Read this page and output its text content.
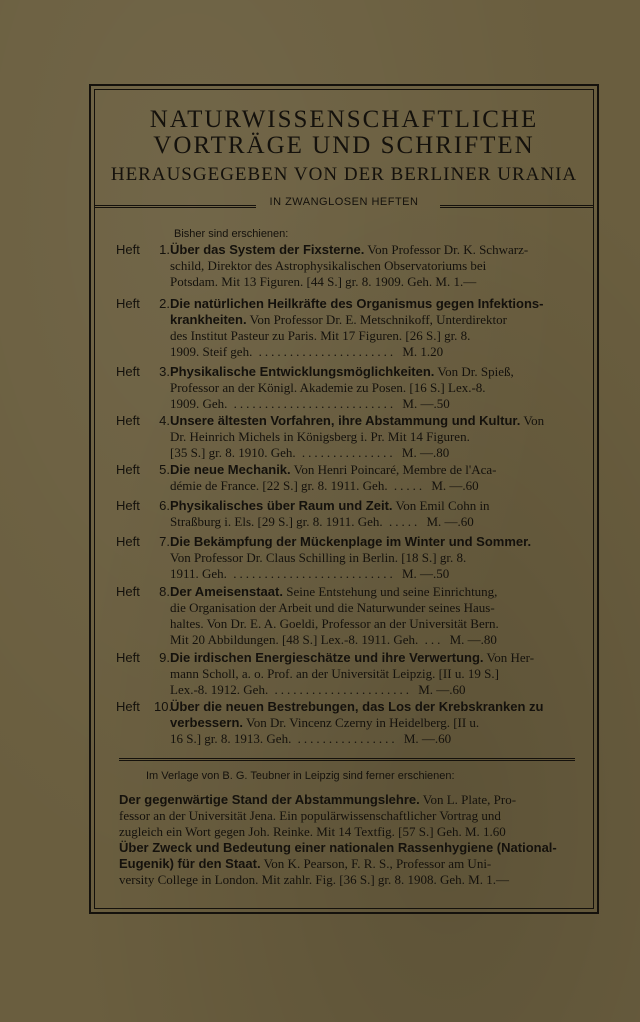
NATURWISSENSCHAFTLICHE
VORTRÄGE UND SCHRIFTEN
HERAUSGEGEBEN VON DER BERLINER URANIA
IN ZWANGLOSEN HEFTEN
Bisher sind erschienen:
Heft	1. Über das System der Fixsterne. Von Professor Dr. K. Schwarz-
schild, Direktor des Astrophysikalischen Observatoriums bei
Potsdam. Mit 13 Figuren. [44 S.] gr. 8. 1909. Geh. M. 1.—
Heft	2. Die natürlichen Heilkräfte des Organismus gegen Infektions-
krankheiten. Von Professor Dr. E. Metschnikoff, Unterdirektor
des Institut Pasteur zu Paris. Mit 17 Figuren. [26 S.] gr. 8.
1909. Steif geh. ...................... M. 1.20
Heft	3. Physikalische Entwicklungsmöglichkeiten. Von Dr. Spieß,
Professor an der Königl. Akademie zu Posen. [16 S.] Lex.-8.
1909. Geh. .......................... M. —.50
Heft	4. Unsere ältesten Vorfahren, ihre Abstammung und Kultur. Von
Dr. Heinrich Michels in Königsberg i. Pr. Mit 14 Figuren.
[35 S.] gr. 8. 1910. Geh. ............... M. —.80
Heft	5. Die neue Mechanik. Von Henri Poincaré, Membre de l'Aca-
démie de France. [22 S.] gr. 8. 1911. Geh. ..... M. —.60
Heft	6. Physikalisches über Raum und Zeit. Von Emil Cohn in
Straßburg i. Els. [29 S.] gr. 8. 1911. Geh. ..... M. —.60
Heft	7. Die Bekämpfung der Mückenplage im Winter und Sommer.
Von Professor Dr. Claus Schilling in Berlin. [18 S.] gr. 8.
1911. Geh. .......................... M. —.50
Heft	8. Der Ameisenstaat. Seine Entstehung und seine Einrichtung,
die Organisation der Arbeit und die Naturwunder seines Haus-
haltes. Von Dr. E. A. Goeldi, Professor an der Universität Bern.
Mit 20 Abbildungen. [48 S.] Lex.-8. 1911. Geh. ... M. —.80
Heft	9. Die irdischen Energieschätze und ihre Verwertung. Von Her-
mann Scholl, a. o. Prof. an der Universität Leipzig. [II u. 19 S.]
Lex.-8. 1912. Geh. ...................... M. —.60
Heft 10.
Über die neuen Bestrebungen, das Los der Krebskranken zu
verbessern. Von Dr. Vincenz Czerny in Heidelberg. [II u.
16 S.] gr. 8. 1913. Geh. ................ M. —.60
Im Verlage von B. G. Teubner in Leipzig sind ferner erschienen:
Der gegenwärtige Stand der Abstammungslehre. Von L. Plate, Pro-
fessor an der Universität Jena. Ein populärwissenschaftlicher Vortrag und
zugleich ein Wort gegen Joh. Reinke. Mit 14 Textfig. [57 S.] Geh. M. 1.60
Über Zweck und Bedeutung einer nationalen Rassenhygiene (National-
Eugenik) für den Staat. Von K. Pearson, F. R. S., Professor am Uni-
versity College in London. Mit zahlr. Fig. [36 S.] gr. 8. 1908. Geh. M. 1.—
